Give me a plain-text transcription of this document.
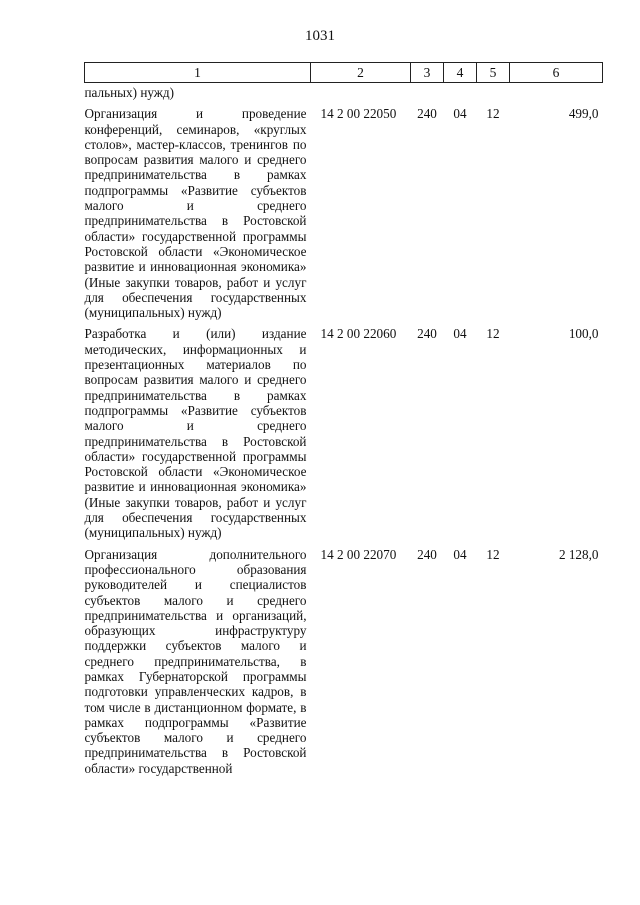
1031
1	2	3	4	5	6
пальных) нужд)					
Организация и проведение конференций, семинаров, «круглых столов», мастер-классов, тренингов по вопросам развития малого и среднего предпринимательства в рамках подпрограммы «Развитие субъектов малого и среднего предпринимательства в Ростовской области» государственной программы Ростовской области «Экономическое развитие и инновационная экономика» (Иные закупки товаров, работ и услуг для обеспечения государственных (муниципальных) нужд)	14 2 00 22050	240	04	12	499,0
Разработка и (или) издание методических, информационных и презентационных материалов по вопросам развития малого и среднего предпринимательства в рамках подпрограммы «Развитие субъектов малого и среднего предпринимательства в Ростовской области» государственной программы Ростовской области «Экономическое развитие и инновационная экономика» (Иные закупки товаров, работ и услуг для обеспечения государственных (муниципальных) нужд)	14 2 00 22060	240	04	12	100,0
Организация дополнительного профессионального образования руководителей и специалистов субъектов малого и среднего предпринимательства и организаций, образующих инфраструктуру поддержки субъектов малого и среднего предпринимательства, в рамках Губернаторской программы подготовки управленческих кадров, в том числе в дистанционном формате, в рамках подпрограммы «Развитие субъектов малого и среднего предпринимательства в Ростовской области» государственной	14 2 00 22070	240	04	12	2 128,0
